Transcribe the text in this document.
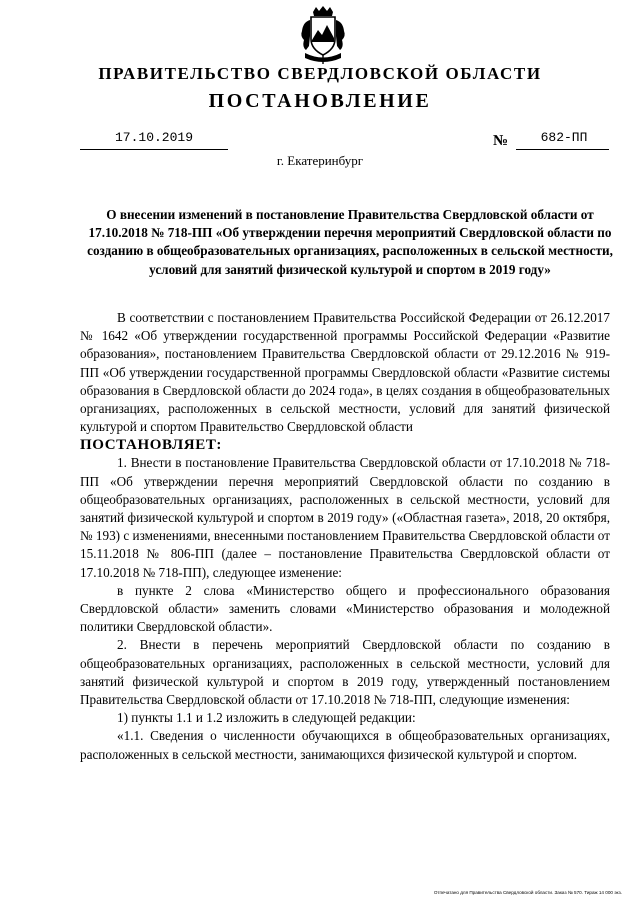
ПРАВИТЕЛЬСТВО СВЕРДЛОВСКОЙ ОБЛАСТИ
ПОСТАНОВЛЕНИЕ
17.10.2019	№	682-ПП
г. Екатеринбург
О внесении изменений в постановление Правительства Свердловской области от 17.10.2018 № 718-ПП «Об утверждении перечня мероприятий Свердловской области по созданию в общеобразовательных организациях, расположенных в сельской местности, условий для занятий физической культурой и спортом в 2019 году»

В соответствии с постановлением Правительства Российской Федерации от 26.12.2017 № 1642 «Об утверждении государственной программы Российской Федерации «Развитие образования», постановлением Правительства Свердловской области от 29.12.2016 № 919-ПП «Об утверждении государственной программы Свердловской области «Развитие системы образования в Свердловской области до 2024 года», в целях создания в общеобразовательных организациях, расположенных в сельской местности, условий для занятий физической культурой и спортом Правительство Свердловской области

ПОСТАНОВЛЯЕТ:

1. Внести в постановление Правительства Свердловской области от 17.10.2018 № 718-ПП «Об утверждении перечня мероприятий Свердловской области по созданию в общеобразовательных организациях, расположенных в сельской местности, условий для занятий физической культурой и спортом в 2019 году» («Областная газета», 2018, 20 октября, № 193) с изменениями, внесенными постановлением Правительства Свердловской области от 15.11.2018 № 806-ПП (далее – постановление Правительства Свердловской области от 17.10.2018 № 718-ПП), следующее изменение:

в пункте 2 слова «Министерство общего и профессионального образования Свердловской области» заменить словами «Министерство образования и молодежной политики Свердловской области».

2. Внести в перечень мероприятий Свердловской области по созданию в общеобразовательных организациях, расположенных в сельской местности, условий для занятий физической культурой и спортом в 2019 году, утвержденный постановлением Правительства Свердловской области от 17.10.2018 № 718-ПП, следующие изменения:

1) пункты 1.1 и 1.2 изложить в следующей редакции:

«1.1. Сведения о численности обучающихся в общеобразовательных организациях, расположенных в сельской местности, занимающихся физической культурой и спортом.

Отпечатано для Правительства Свердловской области. Заказ № 570. Тираж 14 000 экз.
